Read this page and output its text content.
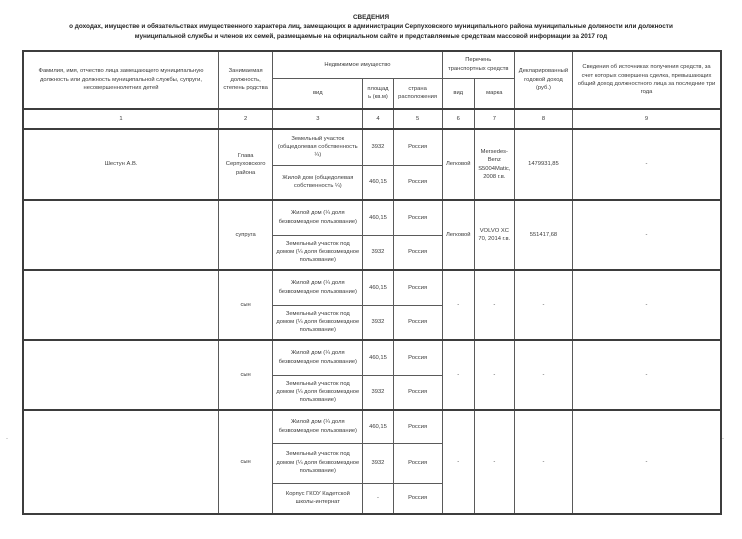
СВЕДЕНИЯ
о доходах, имуществе и обязательствах имущественного характера лиц, замещающих в администрации Серпуховского муниципального района муниципальные должности или должности муниципальной службы и членов их семей, размещаемые на официальном сайте и представляемые средствам массовой информации за 2017 год
Фамилия, имя, отчество лица замещающего муниципальную должность или должность муниципальной службы, супруги, несовершеннолетних детей	Занимаемая должность, степень родства	Недвижимое имущество			Перечень транспортных средств		Декларированный годовой доход (руб.)	Сведения об источниках получения средств, за счет которых совершена сделка, превышающих общий доход должностного лица за последние три года
		вид	площадь (кв.м)	страна расположения	вид	марка		
1	2	3	4	5	6	7	8	9
Шестун А.В.	Глава Серпуховского района	Земельный участок (общедолевая собственность ¼)	3932	Россия	Легковой	Mersedes-Benz S5004Matic, 2008 г.в.	1479931,85	-
		Жилой дом (общедолевая собственность ¼)	460,15	Россия				
	супруга	Жилой дом (¼ доля безвозмездное пользование)	460,15	Россия	Легковой	VOLVO XC 70, 2014 г.в.	551417,68	-
		Земельный участок под домом (¼ доля безвозмездное пользование)	3932	Россия				
	сын	Жилой дом (¼ доля безвозмездное пользование)	460,15	Россия	-	-	-	-
		Земельный участок под домом (¼ доля безвозмездное пользование)	3932	Россия				
	сын	Жилой дом (¼ доля безвозмездное пользование)	460,15	Россия	-	-	-	-
		Земельный участок под домом (¼ доля безвозмездное пользование)	3932	Россия				
	сын	Жилой дом (¼ доля безвозмездное пользование)	460,15	Россия	-	-	-	-
		Земельный участок под домом (¼ доля безвозмездное пользование)	3932	Россия				
		Корпус ГКОУ Кадетской школы-интернат	-	Россия				
-	-
